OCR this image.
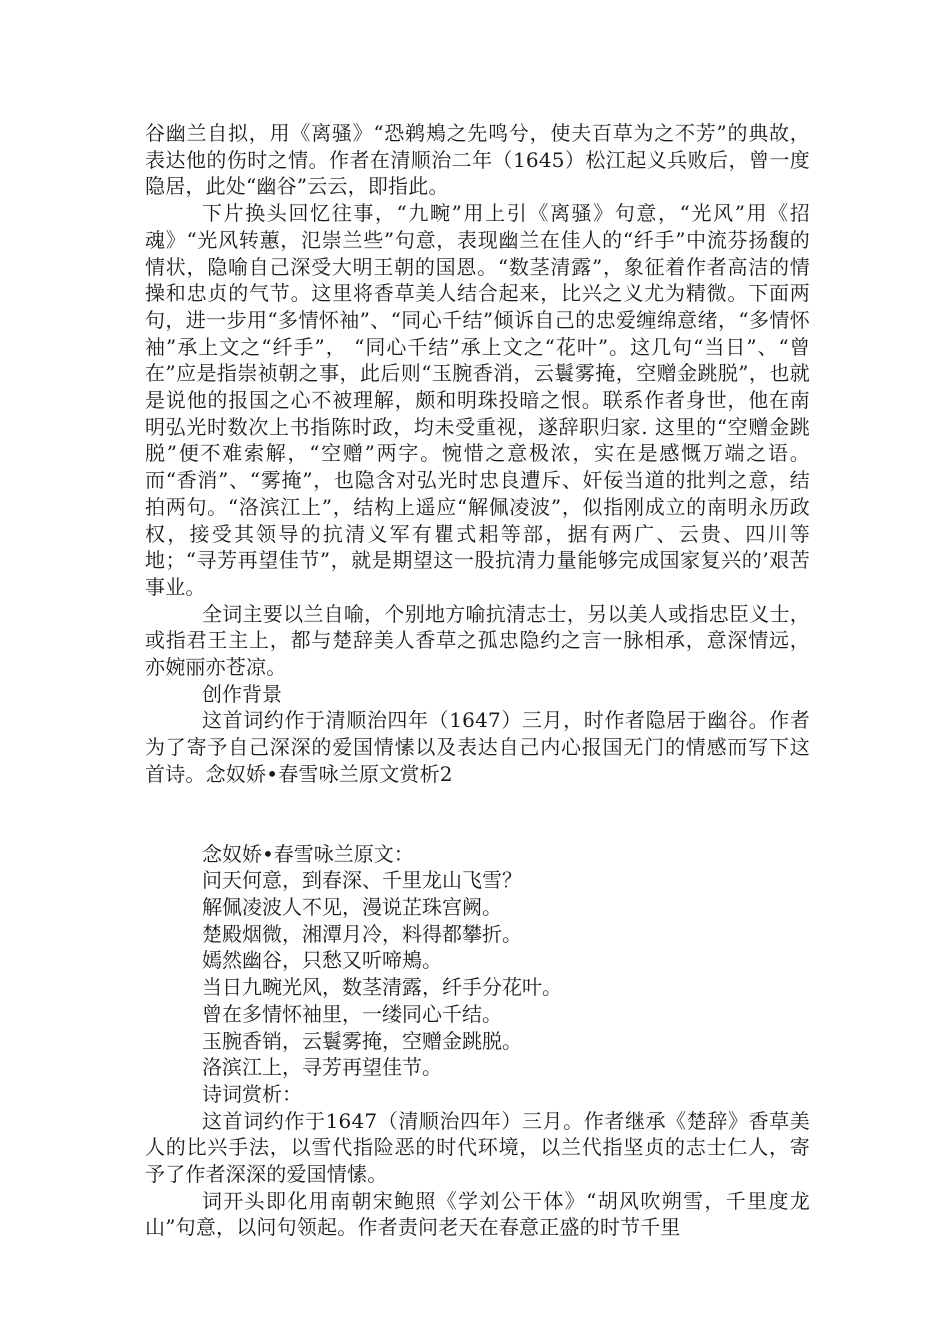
谷幽兰自拟，用《离骚》“恐鹈鴂之先鸣兮，使夫百草为之不芳”的典故，表达他的伤时之情。作者在清顺治二年（1645）松江起义兵败后，曾一度隐居，此处“幽谷”云云，即指此。

下片换头回忆往事，“九畹”用上引《离骚》句意，“光风”用《招魂》“光风转蕙，氾崇兰些”句意，表现幽兰在佳人的“纤手”中流芬扬馥的情状，隐喻自己深受大明王朝的国恩。“数茎清露”，象征着作者高洁的情操和忠贞的气节。这里将香草美人结合起来，比兴之义尤为精微。下面两句，进一步用“多情怀袖”、“同心千结”倾诉自己的忠爱缠绵意绪，“多情怀袖”承上文之“纤手”， “同心千结”承上文之“花叶”。这几句“当日”、“曾在”应是指崇祯朝之事，此后则“玉腕香消，云鬟雾掩，空赠金跳脱”，也就是说他的报国之心不被理解，颇和明珠投暗之恨。联系作者身世，他在南明弘光时数次上书指陈时政，均未受重视，遂辞职归家. 这里的“空赠金跳脱”便不难索解，“空赠”两字。惋惜之意极浓，实在是感慨万端之语。而“香消”、“雾掩”，也隐含对弘光时忠良遭斥、奸佞当道的批判之意，结拍两句。“洛滨江上”，结构上遥应“解佩凌波”，似指刚成立的南明永历政权，接受其领导的抗清义军有瞿式耜等部，据有两广、云贵、四川等地；“寻芳再望佳节”，就是期望这一股抗清力量能够完成国家复兴的’艰苦事业。

全词主要以兰自喻，个别地方喻抗清志士，另以美人或指忠臣义士，或指君王主上，都与楚辞美人香草之孤忠隐约之言一脉相承，意深情远，亦婉丽亦苍凉。

创作背景

这首词约作于清顺治四年（1647）三月，时作者隐居于幽谷。作者为了寄予自己深深的爱国情愫以及表达自己内心报国无门的情感而写下这首诗。念奴娇•春雪咏兰原文赏析2

念奴娇•春雪咏兰原文：

问天何意，到春深、千里龙山飞雪？

解佩凌波人不见，漫说芷珠宫阙。

楚殿烟微，湘潭月冷，料得都攀折。

嫣然幽谷，只愁又听啼鴂。

当日九畹光风，数茎清露，纤手分花叶。

曾在多情怀袖里，一缕同心千结。

玉腕香销，云鬟雾掩，空赠金跳脱。

洛滨江上，寻芳再望佳节。

诗词赏析：

这首词约作于1647（清顺治四年）三月。作者继承《楚辞》香草美人的比兴手法，以雪代指险恶的时代环境，以兰代指坚贞的志士仁人，寄予了作者深深的爱国情愫。

词开头即化用南朝宋鲍照《学刘公干体》“胡风吹朔雪，千里度龙山”句意，以问句领起。作者责问老天在春意正盛的时节千里
